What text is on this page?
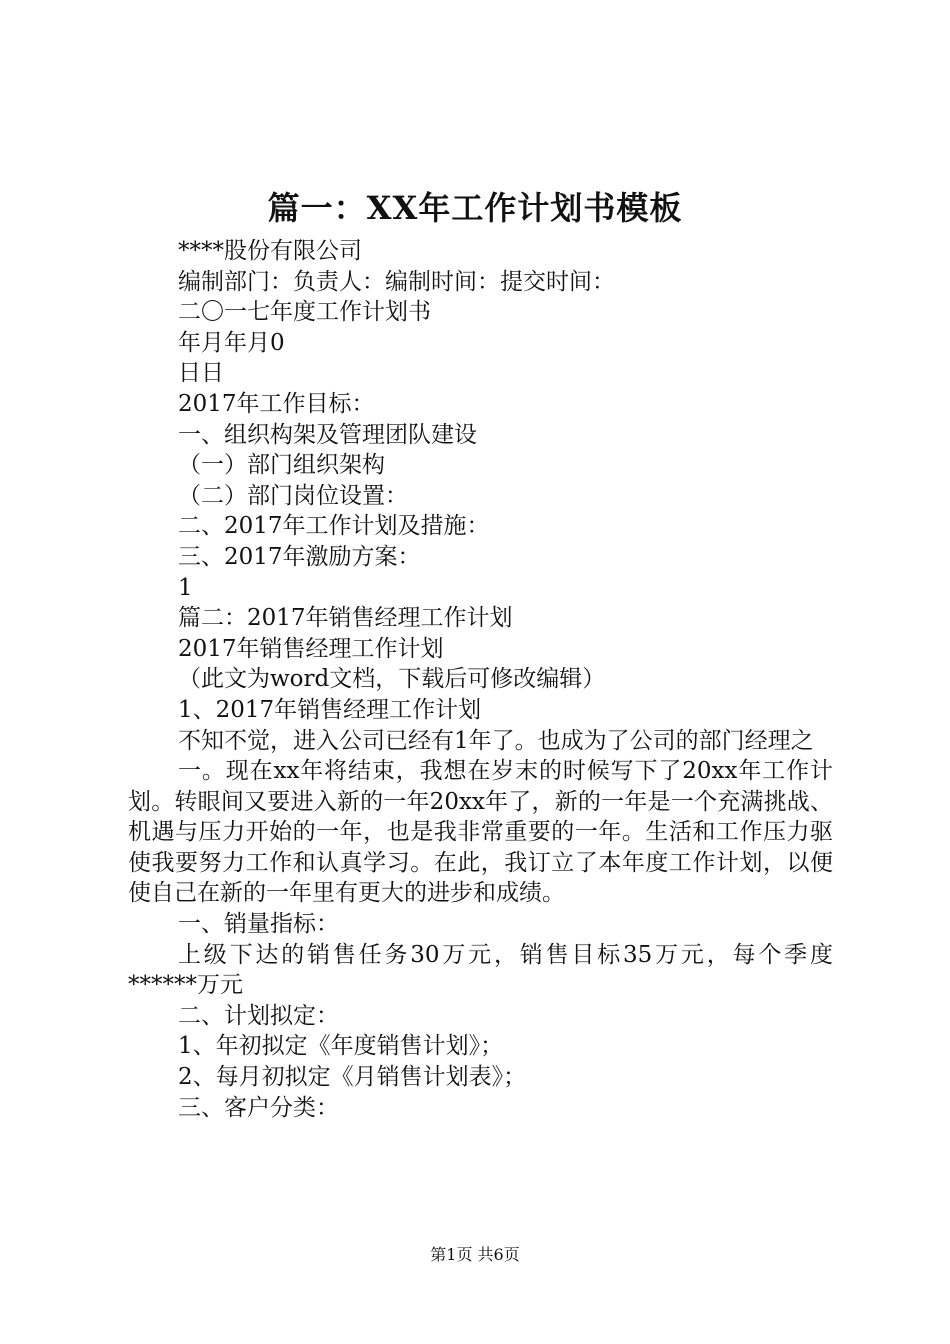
篇一：XX年工作计划书模板
****股份有限公司
编制部门：负责人：编制时间：提交时间：
二〇一七年度工作计划书
年月年月0
日日
2017年工作目标：
一、组织构架及管理团队建设
（一）部门组织架构
（二）部门岗位设置：
二、2017年工作计划及措施：
三、2017年激励方案：
1
篇二：2017年销售经理工作计划
2017年销售经理工作计划
（此文为word文档，下载后可修改编辑）
1、2017年销售经理工作计划
不知不觉，进入公司已经有1年了。也成为了公司的部门经理之
一。现在xx年将结束，我想在岁末的时候写下了20xx年工作计划。转眼间又要进入新的一年20xx年了，新的一年是一个充满挑战、机遇与压力开始的一年，也是我非常重要的一年。生活和工作压力驱使我要努力工作和认真学习。在此，我订立了本年度工作计划，以便使自己在新的一年里有更大的进步和成绩。
一、销量指标：
上级下达的销售任务30万元，销售目标35万元，每个季度******万元
二、计划拟定：
1、年初拟定《年度销售计划》；
2、每月初拟定《月销售计划表》；
三、客户分类：
第1页 共6页
